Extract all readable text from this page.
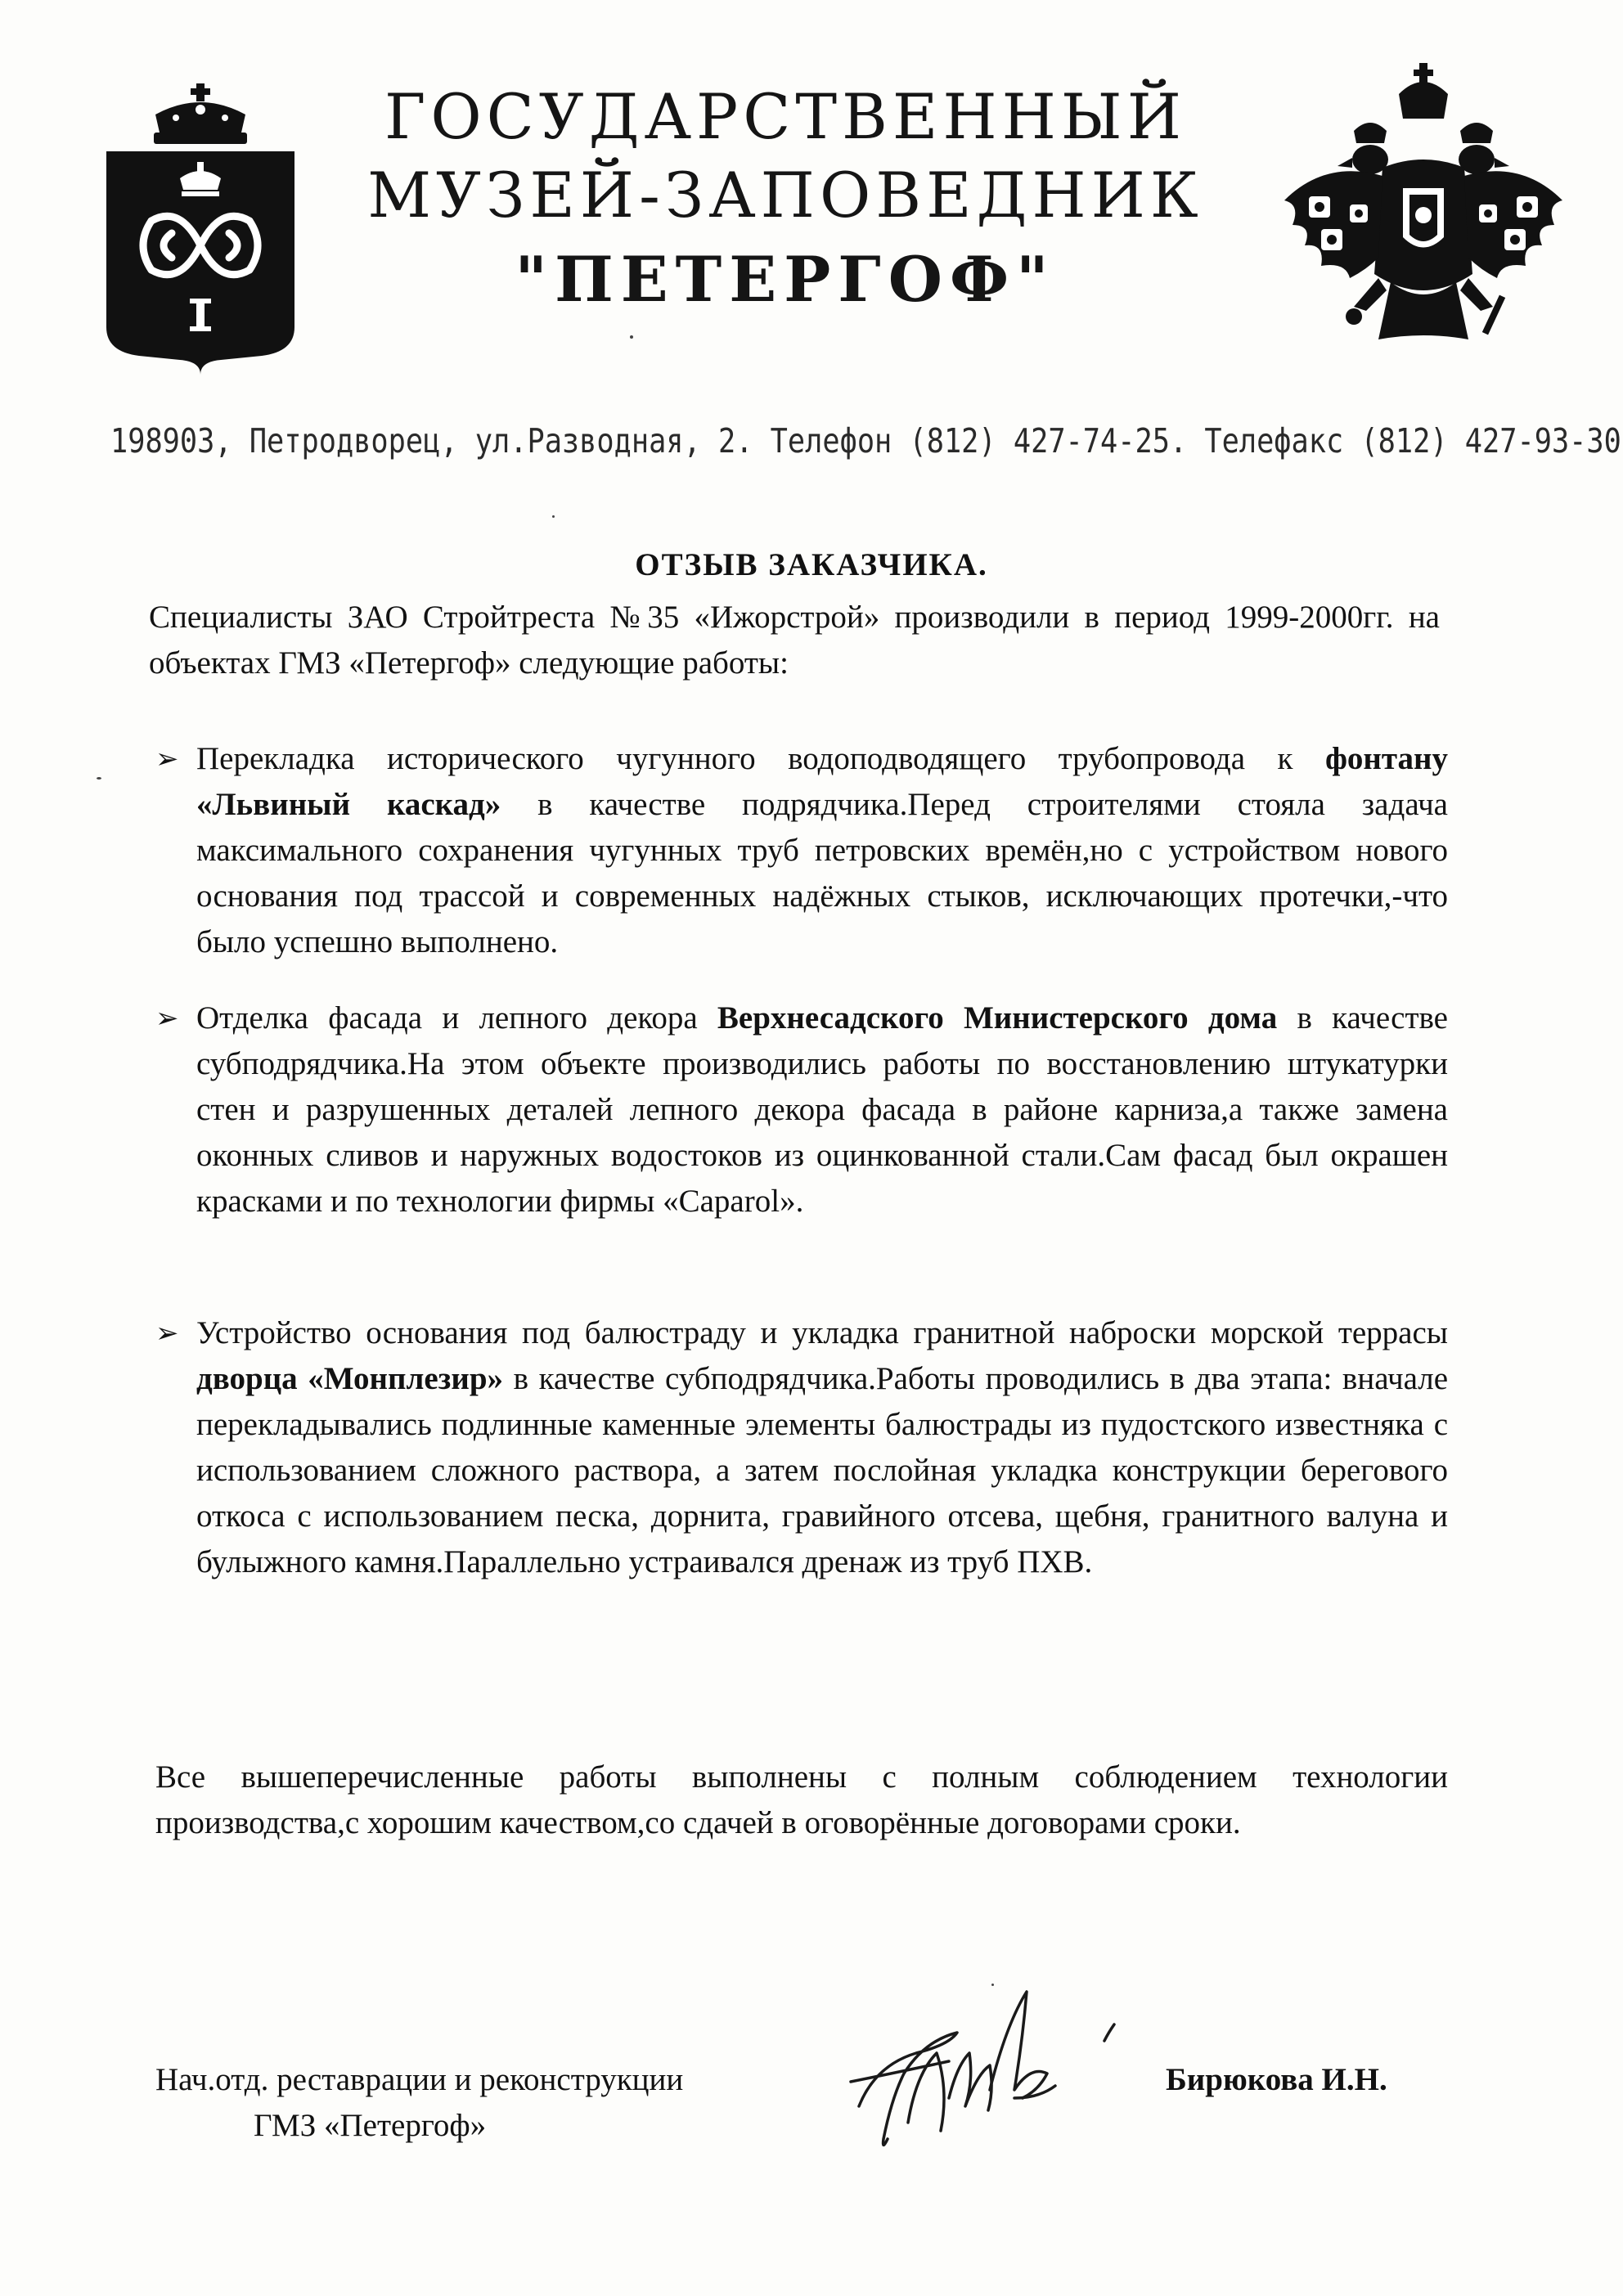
ГОСУДАРСТВЕННЫЙ
МУЗЕЙ-ЗАПОВЕДНИК
"ПЕТЕРГОФ"
198903, Петродворец, ул.Разводная, 2. Телефон (812) 427-74-25. Телефакс (812) 427-93-30
ОТЗЫВ ЗАКАЗЧИКА.
Специалисты ЗАО Стройтреста №35 «Ижорстрой» производили в период 1999-2000гг. на объектах ГМЗ «Петергоф» следующие работы:
➢ Перекладка исторического чугунного водоподводящего трубопровода к фонтану «Львиный каскад» в качестве подрядчика.Перед строителями стояла задача максимального сохранения чугунных труб петровских времён,но с устройством нового основания под трассой и современных надёжных стыков, исключающих протечки,-что было успешно выполнено.
➢ Отделка фасада и лепного декора Верхнесадского Министерского дома в качестве субподрядчика.На этом объекте производились работы по восстановлению штукатурки стен и разрушенных деталей лепного декора фасада в районе карниза,а также замена оконных сливов и наружных водостоков из оцинкованной стали.Сам фасад был окрашен красками и по технологии фирмы «Caparol».
➢ Устройство основания под балюстраду и укладка гранитной наброски морской террасы дворца «Монплезир» в качестве субподрядчика.Работы проводились в два этапа: вначале перекладывались подлинные каменные элементы балюстрады из пудостского известняка с использованием сложного раствора, а затем послойная укладка конструкции берегового откоса с использованием песка, дорнита, гравийного отсева, щебня, гранитного валуна и булыжного камня.Параллельно устраивался дренаж из труб ПХВ.
Все вышеперечисленные работы выполнены с полным соблюдением технологии производства,с хорошим качеством,со сдачей в оговорённые договорами сроки.
Нач.отд. реставрации и реконструкции
ГМЗ «Петергоф»
Бирюкова И.Н.
